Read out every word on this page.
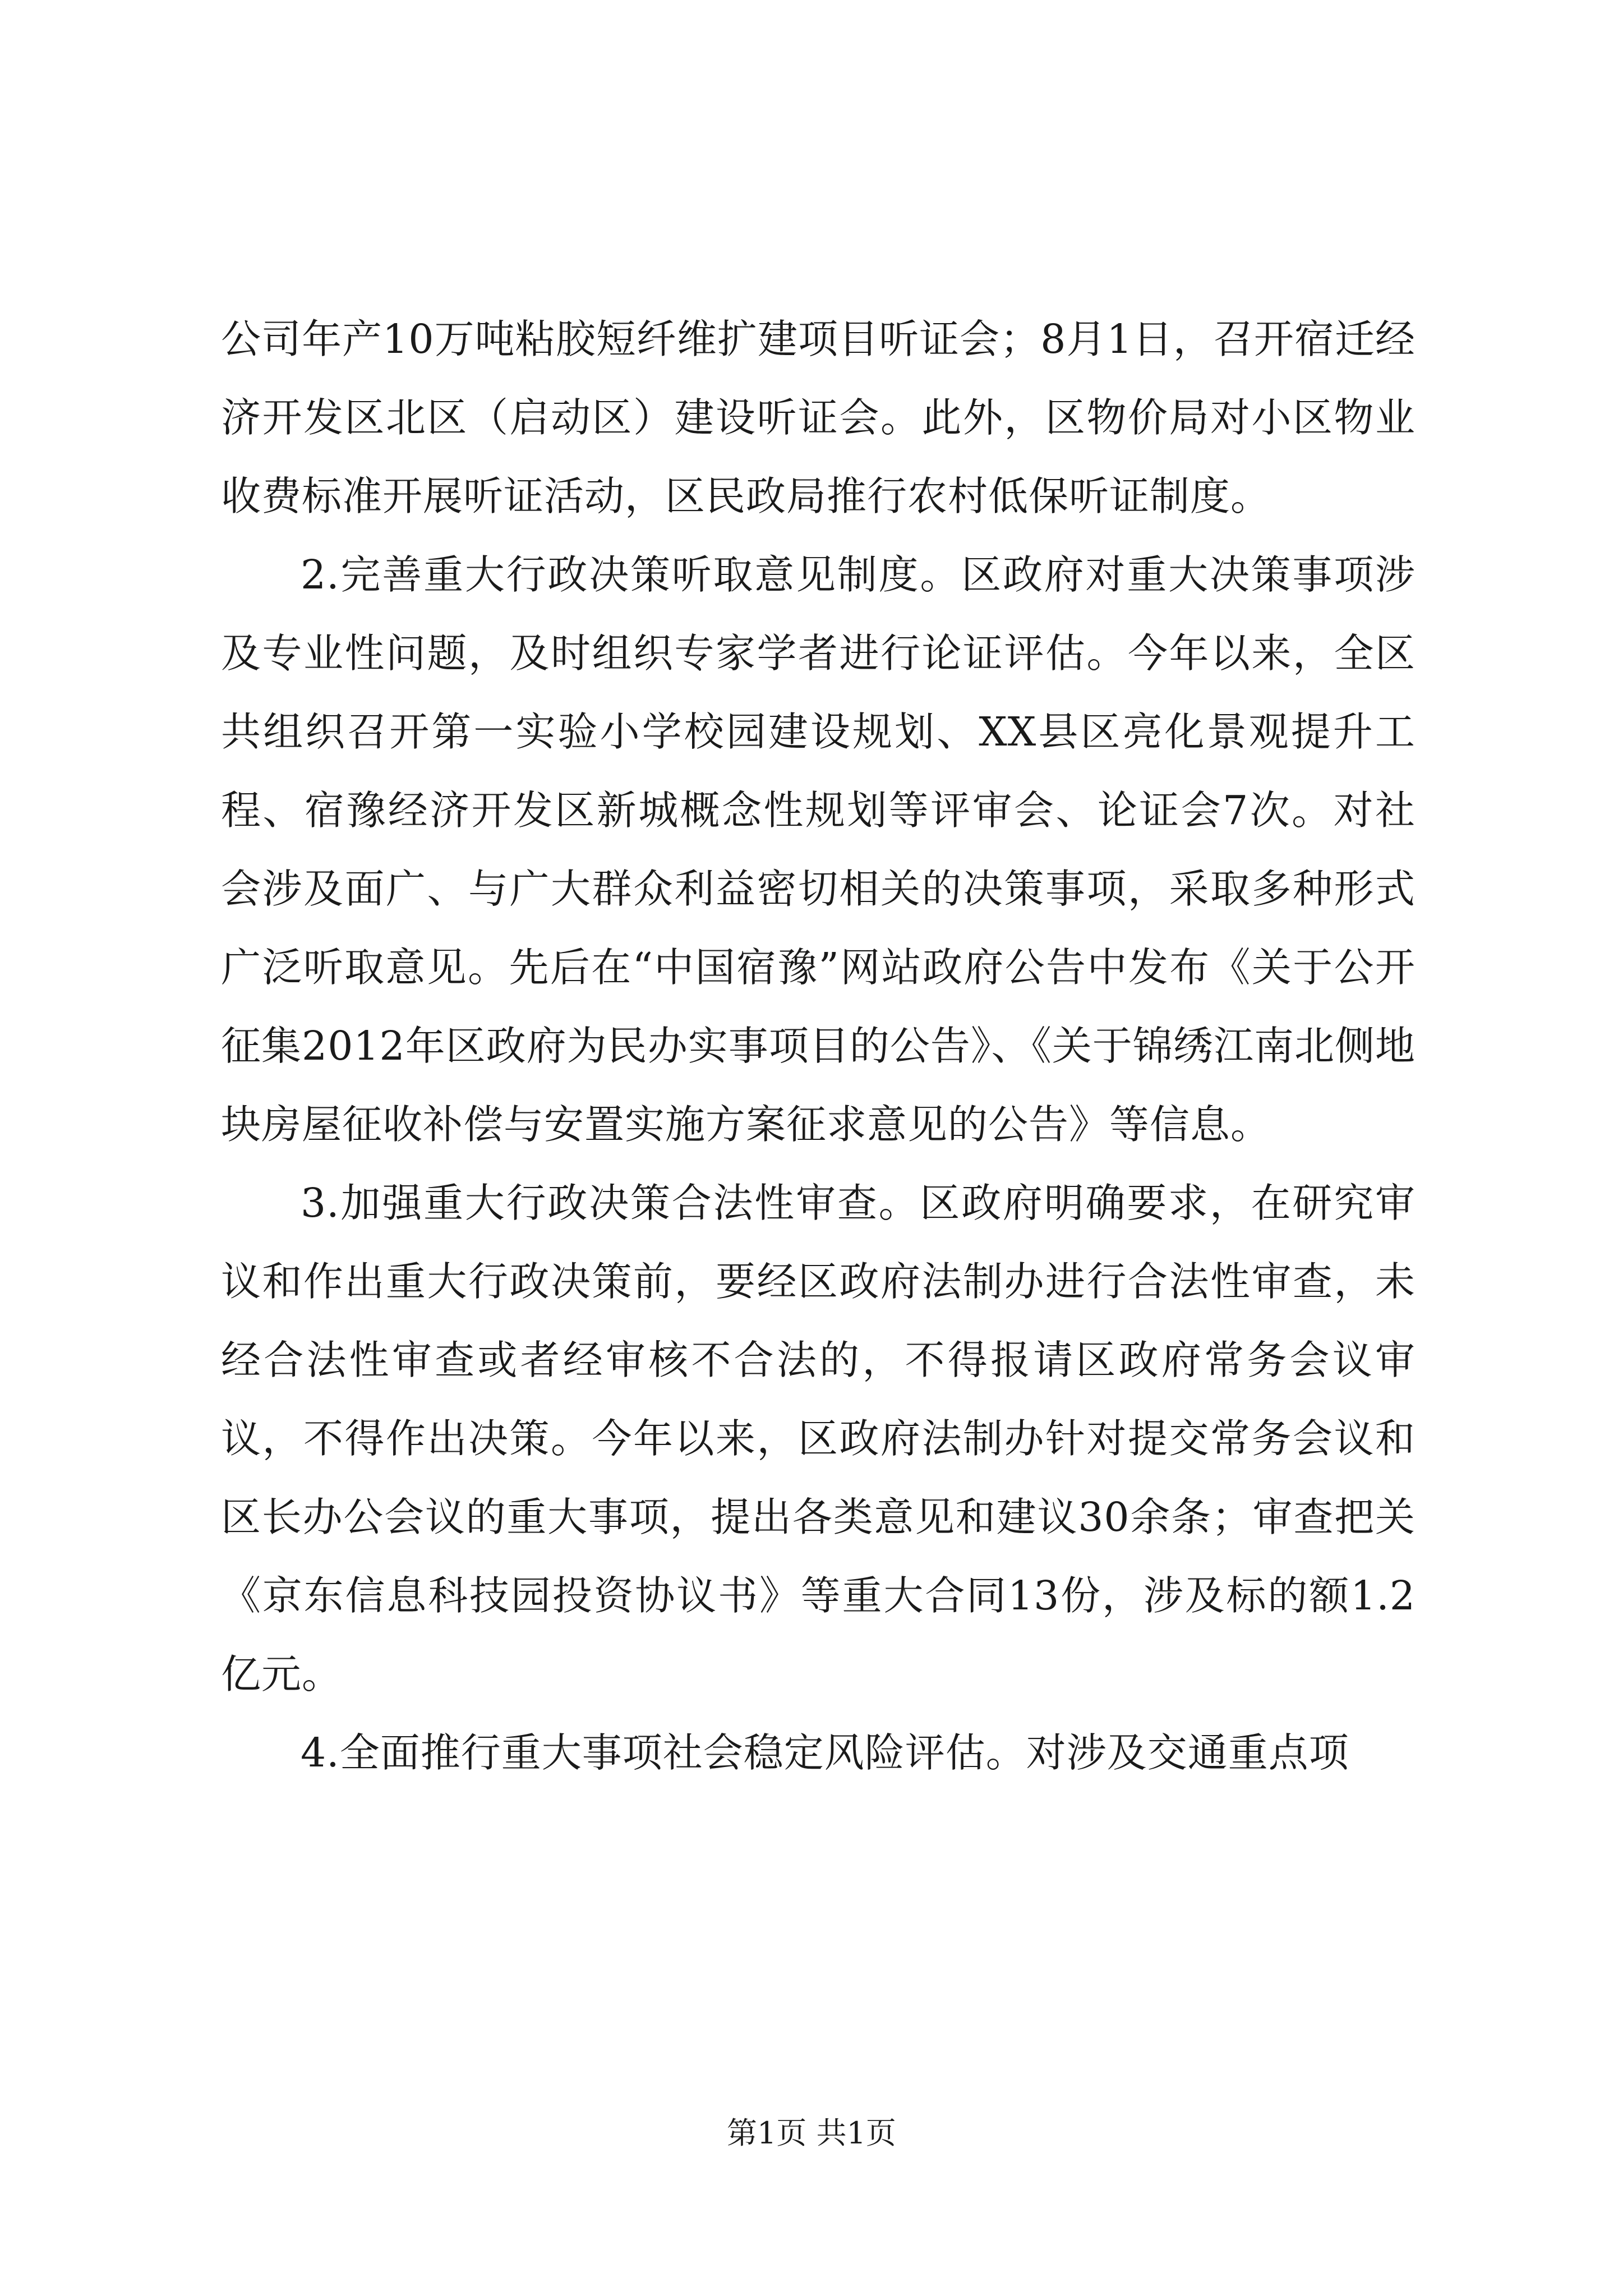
公司年产10万吨粘胶短纤维扩建项目听证会；8月1日，召开宿迁经济开发区北区（启动区）建设听证会。此外，区物价局对小区物业收费标准开展听证活动，区民政局推行农村低保听证制度。

2.完善重大行政决策听取意见制度。区政府对重大决策事项涉及专业性问题，及时组织专家学者进行论证评估。今年以来，全区共组织召开第一实验小学校园建设规划、XX县区亮化景观提升工程、宿豫经济开发区新城概念性规划等评审会、论证会7次。对社会涉及面广、与广大群众利益密切相关的决策事项，采取多种形式广泛听取意见。先后在“中国宿豫”网站政府公告中发布《关于公开征集2012年区政府为民办实事项目的公告》、《关于锦绣江南北侧地块房屋征收补偿与安置实施方案征求意见的公告》等信息。

3.加强重大行政决策合法性审查。区政府明确要求，在研究审议和作出重大行政决策前，要经区政府法制办进行合法性审查，未经合法性审查或者经审核不合法的，不得报请区政府常务会议审议，不得作出决策。今年以来，区政府法制办针对提交常务会议和区长办公会议的重大事项，提出各类意见和建议30余条；审查把关《京东信息科技园投资协议书》等重大合同13份，涉及标的额1.2亿元。

4.全面推行重大事项社会稳定风险评估。对涉及交通重点项

第1页 共1页
